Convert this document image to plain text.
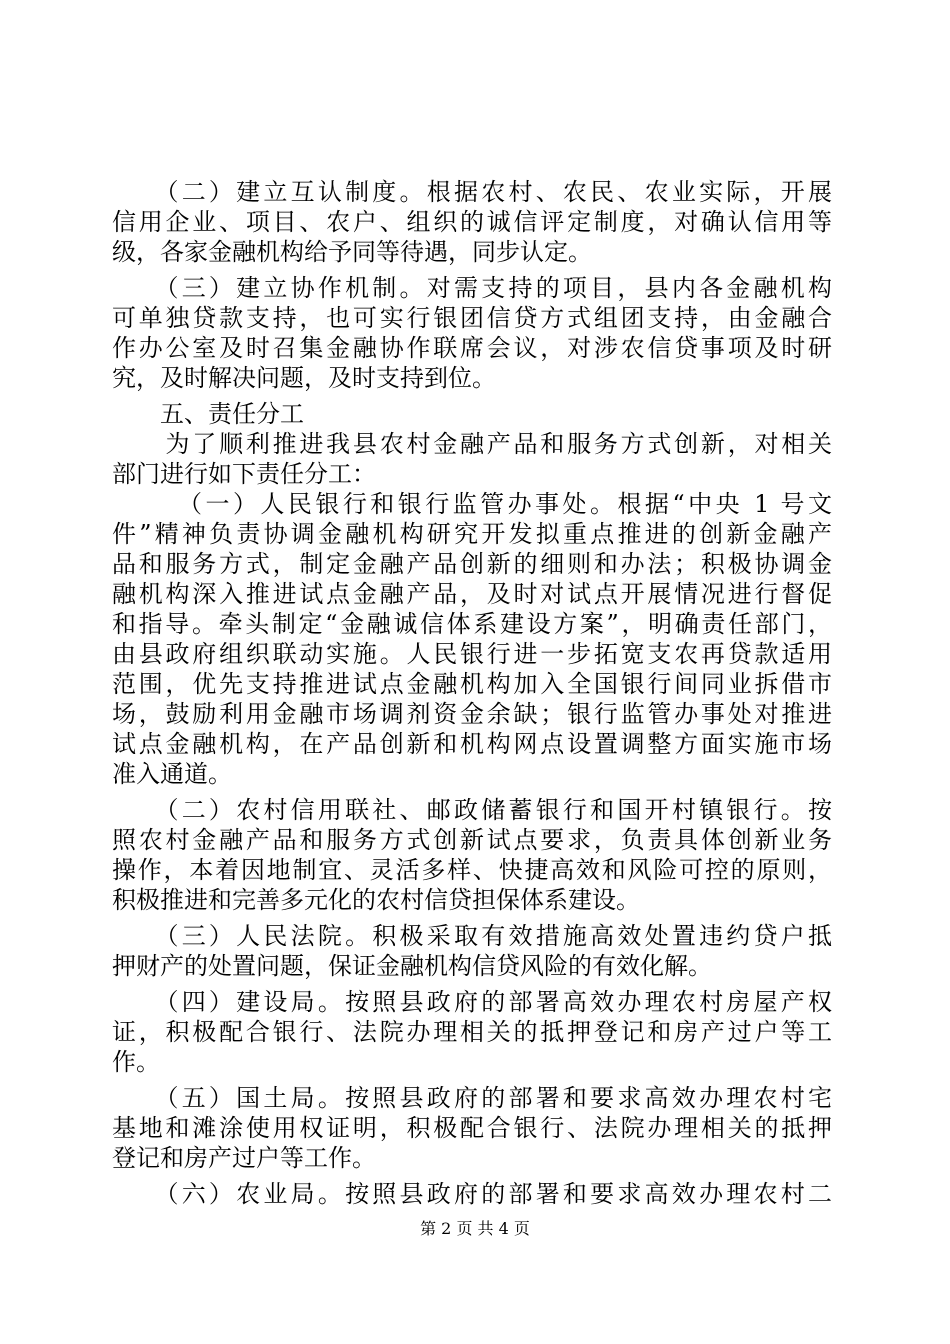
　　（二）建立互认制度。根据农村、农民、农业实际，开展
信用企业、项目、农户、组织的诚信评定制度，对确认信用等
级，各家金融机构给予同等待遇，同步认定。
　　（三）建立协作机制。对需支持的项目，县内各金融机构
可单独贷款支持，也可实行银团信贷方式组团支持，由金融合
作办公室及时召集金融协作联席会议，对涉农信贷事项及时研
究，及时解决问题，及时支持到位。
　　五、责任分工
　　为了顺利推进我县农村金融产品和服务方式创新，对相关
部门进行如下责任分工：
　　 （一）人民银行和银行监管办事处。根据“中央 1 号文
件”精神负责协调金融机构研究开发拟重点推进的创新金融产
品和服务方式，制定金融产品创新的细则和办法；积极协调金
融机构深入推进试点金融产品，及时对试点开展情况进行督促
和指导。牵头制定“金融诚信体系建设方案”，明确责任部门，
由县政府组织联动实施。人民银行进一步拓宽支农再贷款适用
范围，优先支持推进试点金融机构加入全国银行间同业拆借市
场，鼓励利用金融市场调剂资金余缺；银行监管办事处对推进
试点金融机构，在产品创新和机构网点设置调整方面实施市场
准入通道。
　　（二）农村信用联社、邮政储蓄银行和国开村镇银行。按
照农村金融产品和服务方式创新试点要求，负责具体创新业务
操作，本着因地制宜、灵活多样、快捷高效和风险可控的原则，
积极推进和完善多元化的农村信贷担保体系建设。
　　（三）人民法院。积极采取有效措施高效处置违约贷户抵
押财产的处置问题，保证金融机构信贷风险的有效化解。
　　（四）建设局。按照县政府的部署高效办理农村房屋产权
证，积极配合银行、法院办理相关的抵押登记和房产过户等工
作。
　　（五）国土局。按照县政府的部署和要求高效办理农村宅
基地和滩涂使用权证明，积极配合银行、法院办理相关的抵押
登记和房产过户等工作。
　　（六）农业局。按照县政府的部署和要求高效办理农村二
第 2 页 共 4 页
